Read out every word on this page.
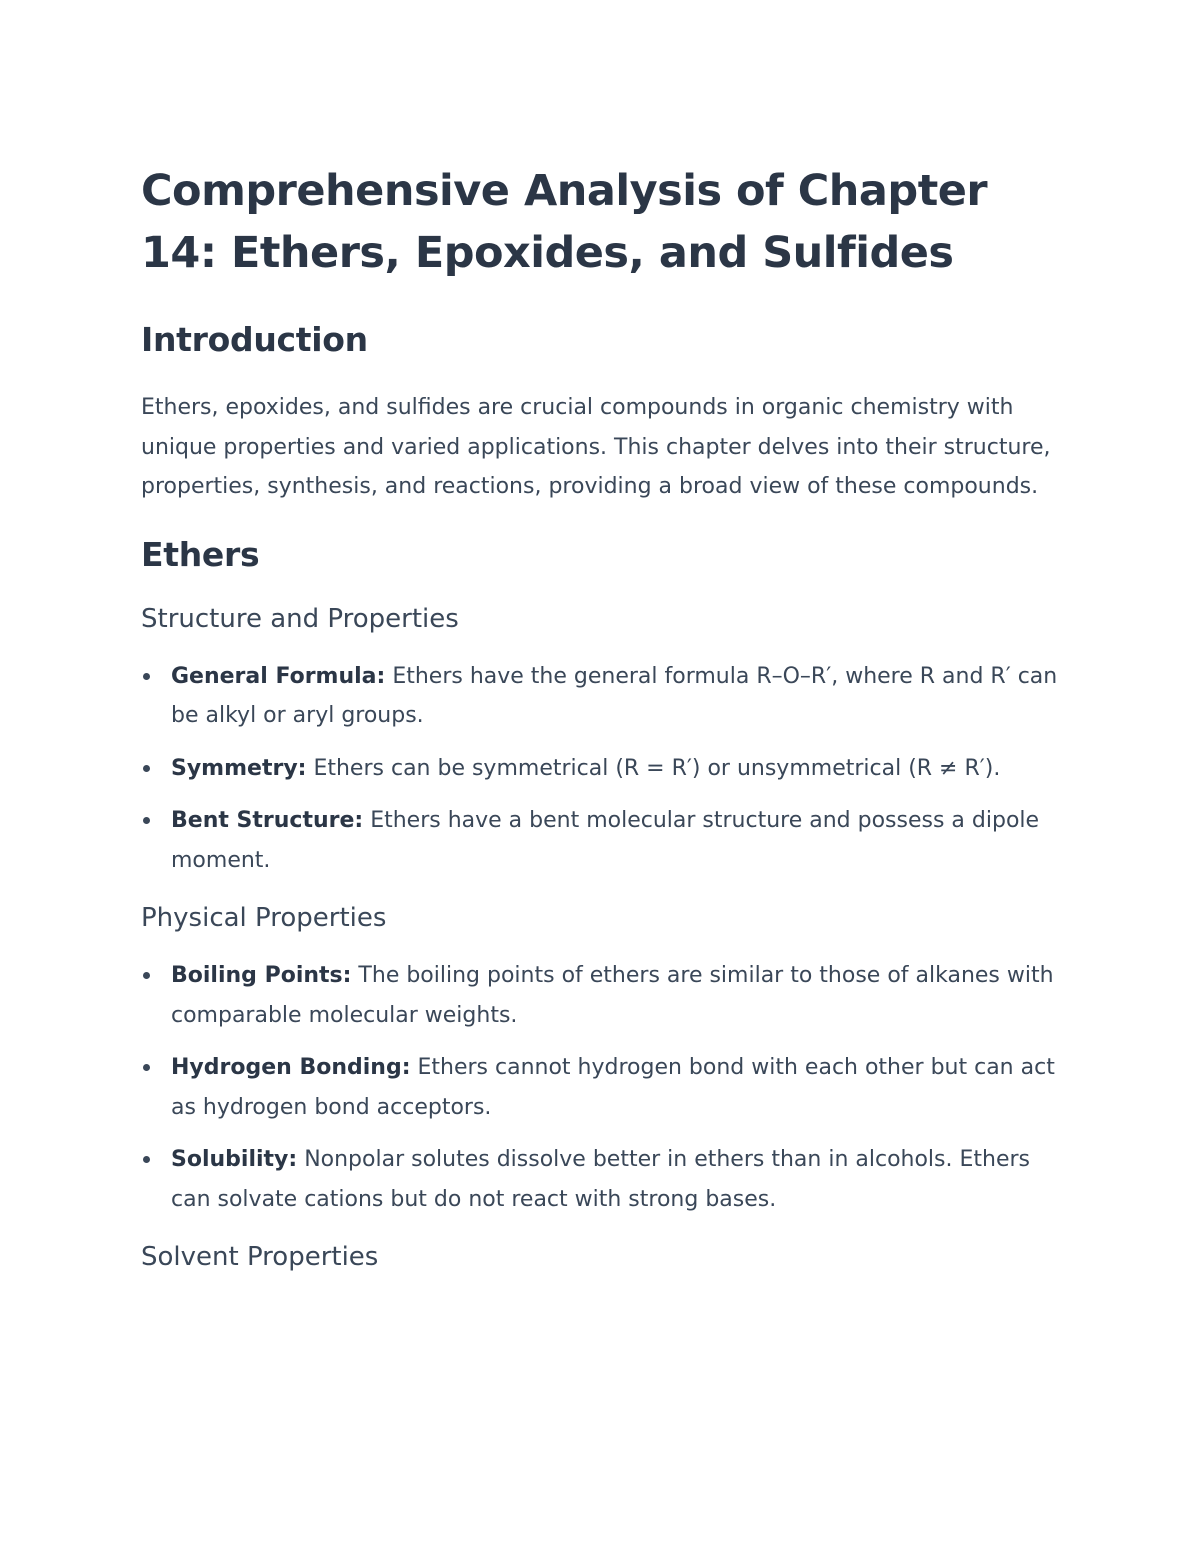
Comprehensive Analysis of Chapter 14: Ethers, Epoxides, and Sulfides
Introduction

Ethers, epoxides, and sulfides are crucial compounds in organic chemistry with unique properties and varied applications. This chapter delves into their structure, properties, synthesis, and reactions, providing a broad view of these compounds.

Ethers
Structure and Properties
General Formula: Ethers have the general formula R–O–R′, where R and R′ can be alkyl or aryl groups.
Symmetry: Ethers can be symmetrical (R = R′) or unsymmetrical (R ≠ R′).
Bent Structure: Ethers have a bent molecular structure and possess a dipole moment.
Physical Properties
Boiling Points: The boiling points of ethers are similar to those of alkanes with comparable molecular weights.
Hydrogen Bonding: Ethers cannot hydrogen bond with each other but can act as hydrogen bond acceptors.
Solubility: Nonpolar solutes dissolve better in ethers than in alcohols. Ethers can solvate cations but do not react with strong bases.
Solvent Properties
